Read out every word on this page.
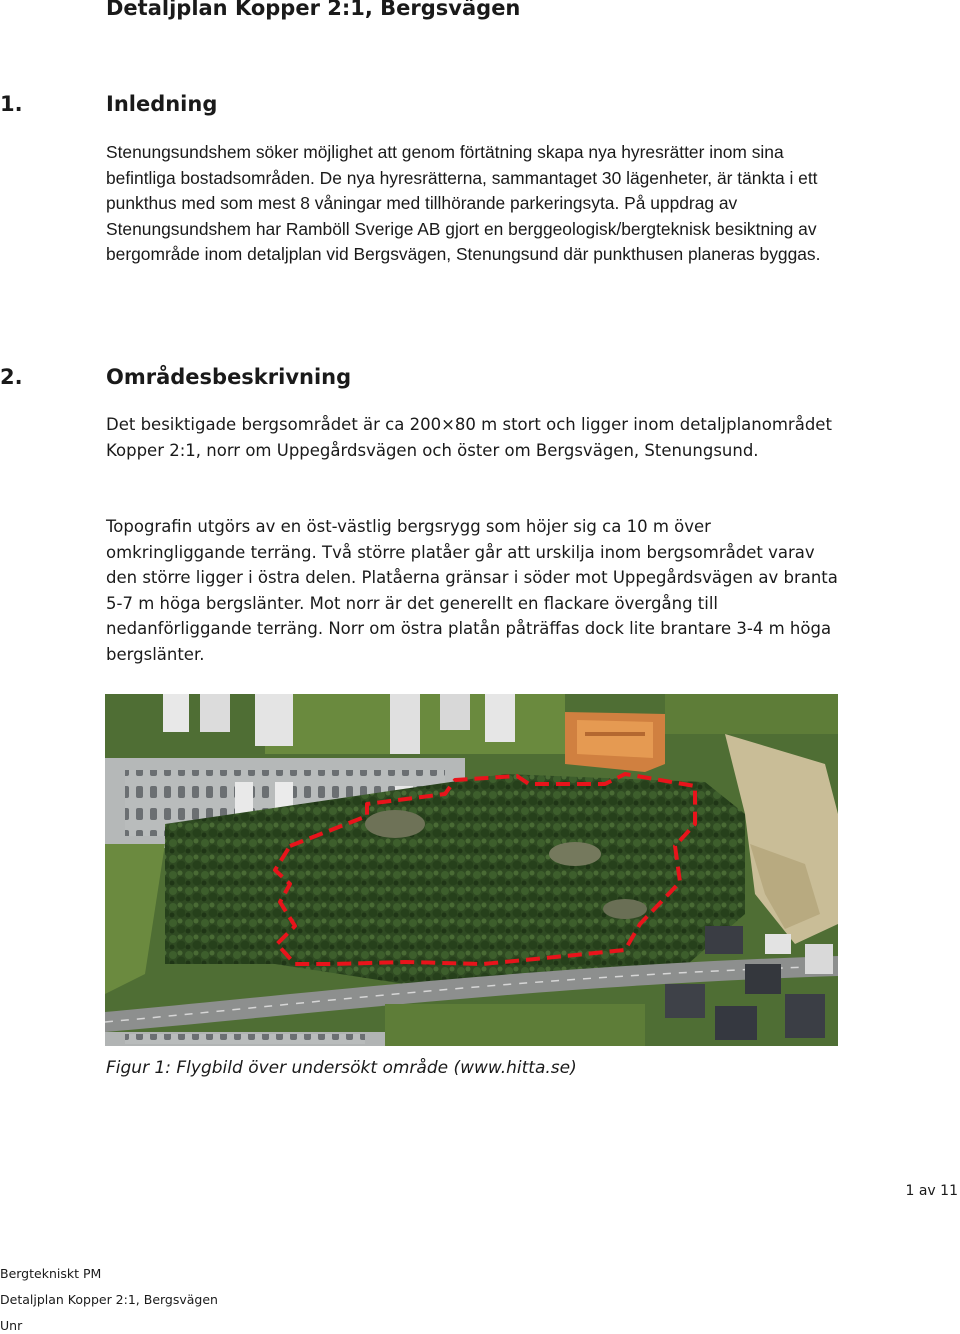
Detaljplan Kopper 2:1, Bergsvägen
1.	Inledning

Stenungsundshem söker möjlighet att genom förtätning skapa nya hyresrätter inom sina befintliga bostadsområden. De nya hyresrätterna, sammantaget 30 lägenheter, är tänkta i ett punkthus med som mest 8 våningar med tillhörande parkeringsyta. På uppdrag av Stenungsundshem har Ramböll Sverige AB gjort en berggeologisk/bergteknisk besiktning av bergområde inom detaljplan vid Bergsvägen, Stenungsund där punkthusen planeras byggas.

2.	Områdesbeskrivning

Det besiktigade bergsområdet är ca 200×80 m stort och ligger inom detaljplanområdet Kopper 2:1, norr om Uppegårdsvägen och öster om Bergsvägen, Stenungsund.

Topografin utgörs av en öst-västlig bergsrygg som höjer sig ca 10 m över omkringliggande terräng. Två större platåer går att urskilja inom bergsområdet varav den större ligger i östra delen. Platåerna gränsar i söder mot Uppegårdsvägen av branta 5-7 m höga bergslänter. Mot norr är det generellt en flackare övergång till nedanförliggande terräng. Norr om östra platån påträffas dock lite brantare 3-4 m höga bergslänter.

Figur 1: Flygbild över undersökt område (www.hitta.se)
1 av 11
Bergtekniskt PM
Detaljplan Kopper 2:1, Bergsvägen
Unr
